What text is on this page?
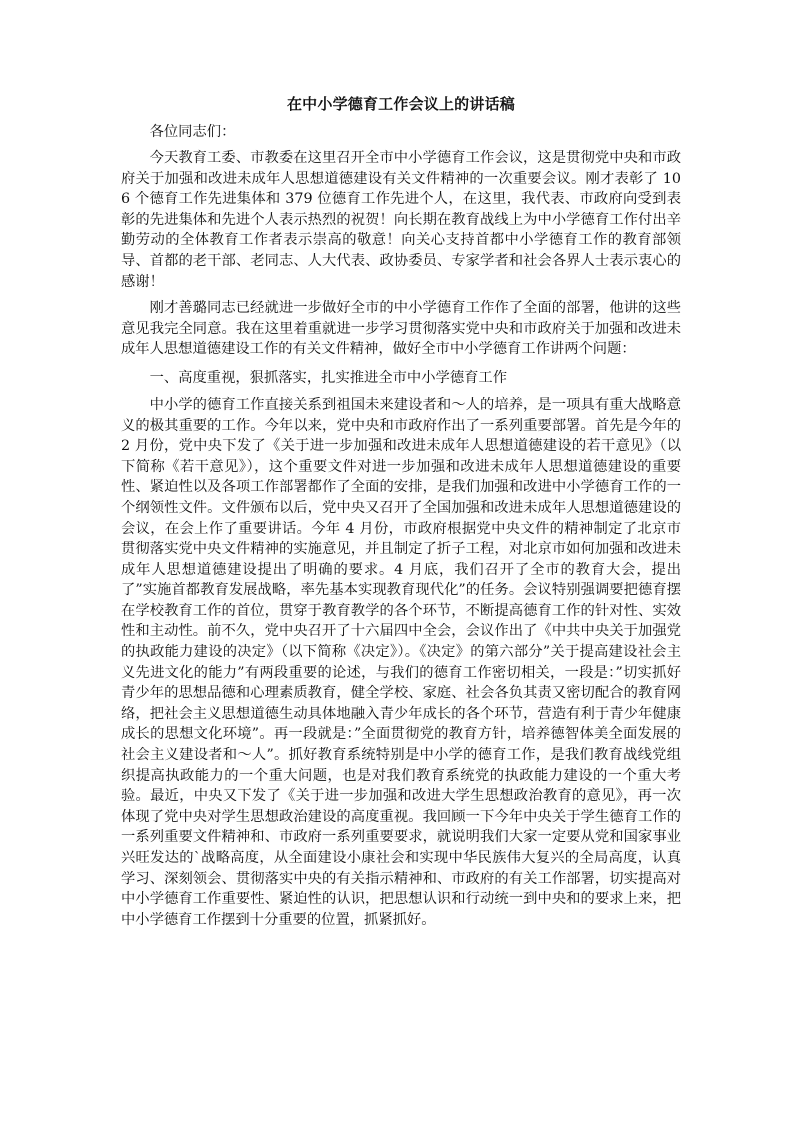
在中小学德育工作会议上的讲话稿
各位同志们：

今天教育工委、市教委在这里召开全市中小学德育工作会议，这是贯彻党中央和市政府关于加强和改进未成年人思想道德建设有关文件精神的一次重要会议。刚才表彰了 106 个德育工作先进集体和 379 位德育工作先进个人，在这里，我代表、市政府向受到表彰的先进集体和先进个人表示热烈的祝贺！向长期在教育战线上为中小学德育工作付出辛勤劳动的全体教育工作者表示崇高的敬意！向关心支持首都中小学德育工作的教育部领导、首都的老干部、老同志、人大代表、政协委员、专家学者和社会各界人士表示衷心的感谢！

刚才善璐同志已经就进一步做好全市的中小学德育工作作了全面的部署，他讲的这些意见我完全同意。我在这里着重就进一步学习贯彻落实党中央和市政府关于加强和改进未成年人思想道德建设工作的有关文件精神，做好全市中小学德育工作讲两个问题：

一、高度重视，狠抓落实，扎实推进全市中小学德育工作

中小学的德育工作直接关系到祖国未来建设者和～人的培养，是一项具有重大战略意义的极其重要的工作。今年以来，党中央和市政府作出了一系列重要部署。首先是今年的 2 月份，党中央下发了《关于进一步加强和改进未成年人思想道德建设的若干意见》（以下简称《若干意见》），这个重要文件对进一步加强和改进未成年人思想道德建设的重要性、紧迫性以及各项工作部署都作了全面的安排，是我们加强和改进中小学德育工作的一个纲领性文件。文件颁布以后，党中央又召开了全国加强和改进未成年人思想道德建设的会议，在会上作了重要讲话。今年 4 月份，市政府根据党中央文件的精神制定了北京市贯彻落实党中央文件精神的实施意见，并且制定了折子工程，对北京市如何加强和改进未成年人思想道德建设提出了明确的要求。4 月底，我们召开了全市的教育大会，提出了”实施首都教育发展战略，率先基本实现教育现代化”的任务。会议特别强调要把德育摆在学校教育工作的首位，贯穿于教育教学的各个环节，不断提高德育工作的针对性、实效性和主动性。前不久，党中央召开了十六届四中全会，会议作出了《中共中央关于加强党的执政能力建设的决定》（以下简称《决定》）。《决定》的第六部分”关于提高建设社会主义先进文化的能力”有两段重要的论述，与我们的德育工作密切相关，一段是：”切实抓好青少年的思想品德和心理素质教育，健全学校、家庭、社会各负其责又密切配合的教育网络，把社会主义思想道德生动具体地融入青少年成长的各个环节，营造有利于青少年健康成长的思想文化环境”。再一段就是：”全面贯彻党的教育方针，培养德智体美全面发展的社会主义建设者和～人”。抓好教育系统特别是中小学的德育工作，是我们教育战线党组织提高执政能力的一个重大问题，也是对我们教育系统党的执政能力建设的一个重大考验。最近，中央又下发了《关于进一步加强和改进大学生思想政治教育的意见》，再一次体现了党中央对学生思想政治建设的高度重视。我回顾一下今年中央关于学生德育工作的一系列重要文件精神和、市政府一系列重要要求，就说明我们大家一定要从党和国家事业兴旺发达的`战略高度，从全面建设小康社会和实现中华民族伟大复兴的全局高度，认真学习、深刻领会、贯彻落实中央的有关指示精神和、市政府的有关工作部署，切实提高对中小学德育工作重要性、紧迫性的认识，把思想认识和行动统一到中央和的要求上来，把中小学德育工作摆到十分重要的位置，抓紧抓好。
